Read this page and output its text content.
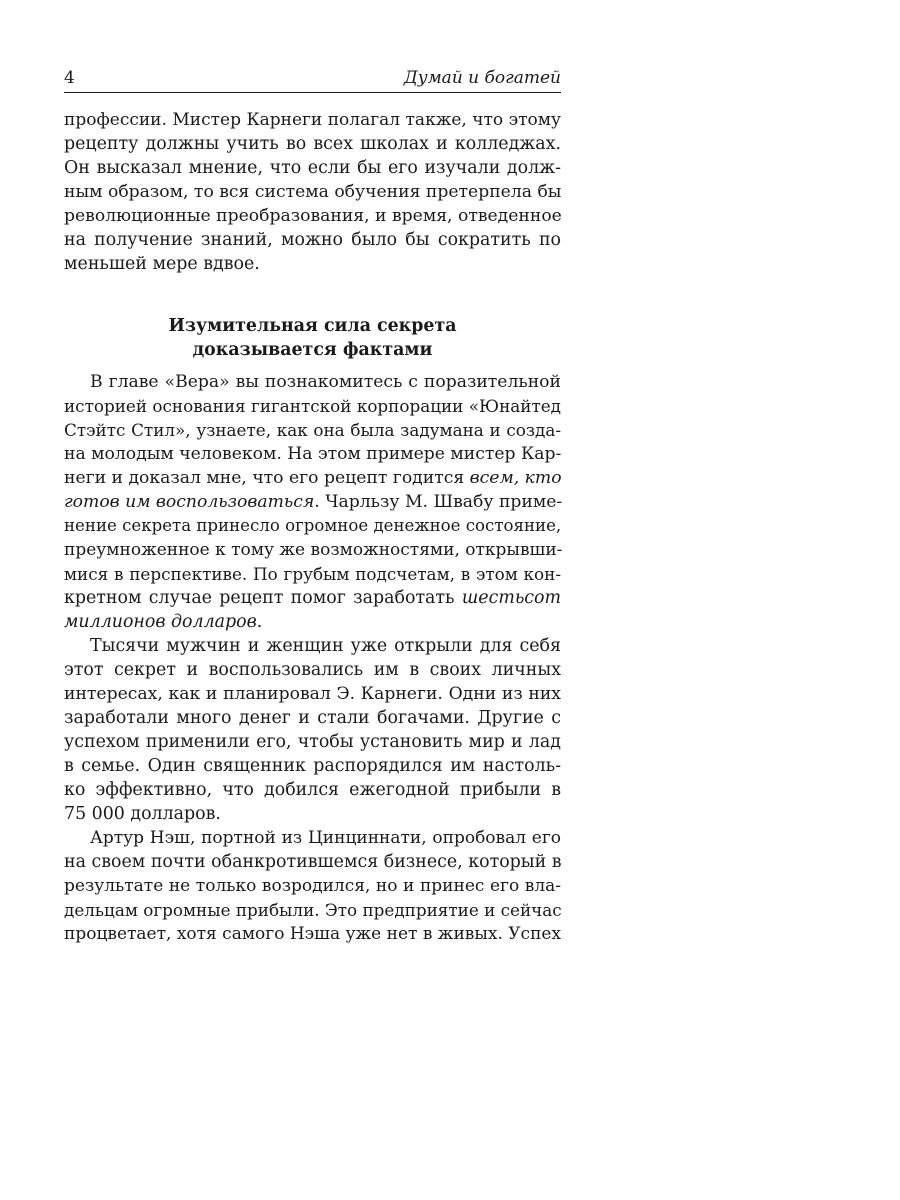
4	Думай и богатей
профессии. Мистер Карнеги полагал также, что этому
рецепту должны учить во всех школах и колледжах.
Он высказал мнение, что если бы его изучали долж-
ным образом, то вся система обучения претерпела бы
революционные преобразования, и время, отведенное
на получение знаний, можно было бы сократить по
меньшей мере вдвое.
Изумительная сила секрета
доказывается фактами
В главе «Вера» вы познакомитесь с поразительной
историей основания гигантской корпорации «Юнайтед
Стэйтс Стил», узнаете, как она была задумана и созда-
на молодым человеком. На этом примере мистер Кар-
неги и доказал мне, что его рецепт годится всем, кто
готов им воспользоваться. Чарльзу М. Швабу приме-
нение секрета принесло огромное денежное состояние,
преумноженное к тому же возможностями, открывши-
мися в перспективе. По грубым подсчетам, в этом кон-
кретном случае рецепт помог заработать шестьсот
миллионов долларов.
Тысячи мужчин и женщин уже открыли для себя
этот секрет и воспользовались им в своих личных
интересах, как и планировал Э. Карнеги. Одни из них
заработали много денег и стали богачами. Другие с
успехом применили его, чтобы установить мир и лад
в семье. Один священник распорядился им настоль-
ко эффективно, что добился ежегодной прибыли в
75 000 долларов.
Артур Нэш, портной из Цинциннати, опробовал его
на своем почти обанкротившемся бизнесе, который в
результате не только возродился, но и принес его вла-
дельцам огромные прибыли. Это предприятие и сейчас
процветает, хотя самого Нэша уже нет в живых. Успех
